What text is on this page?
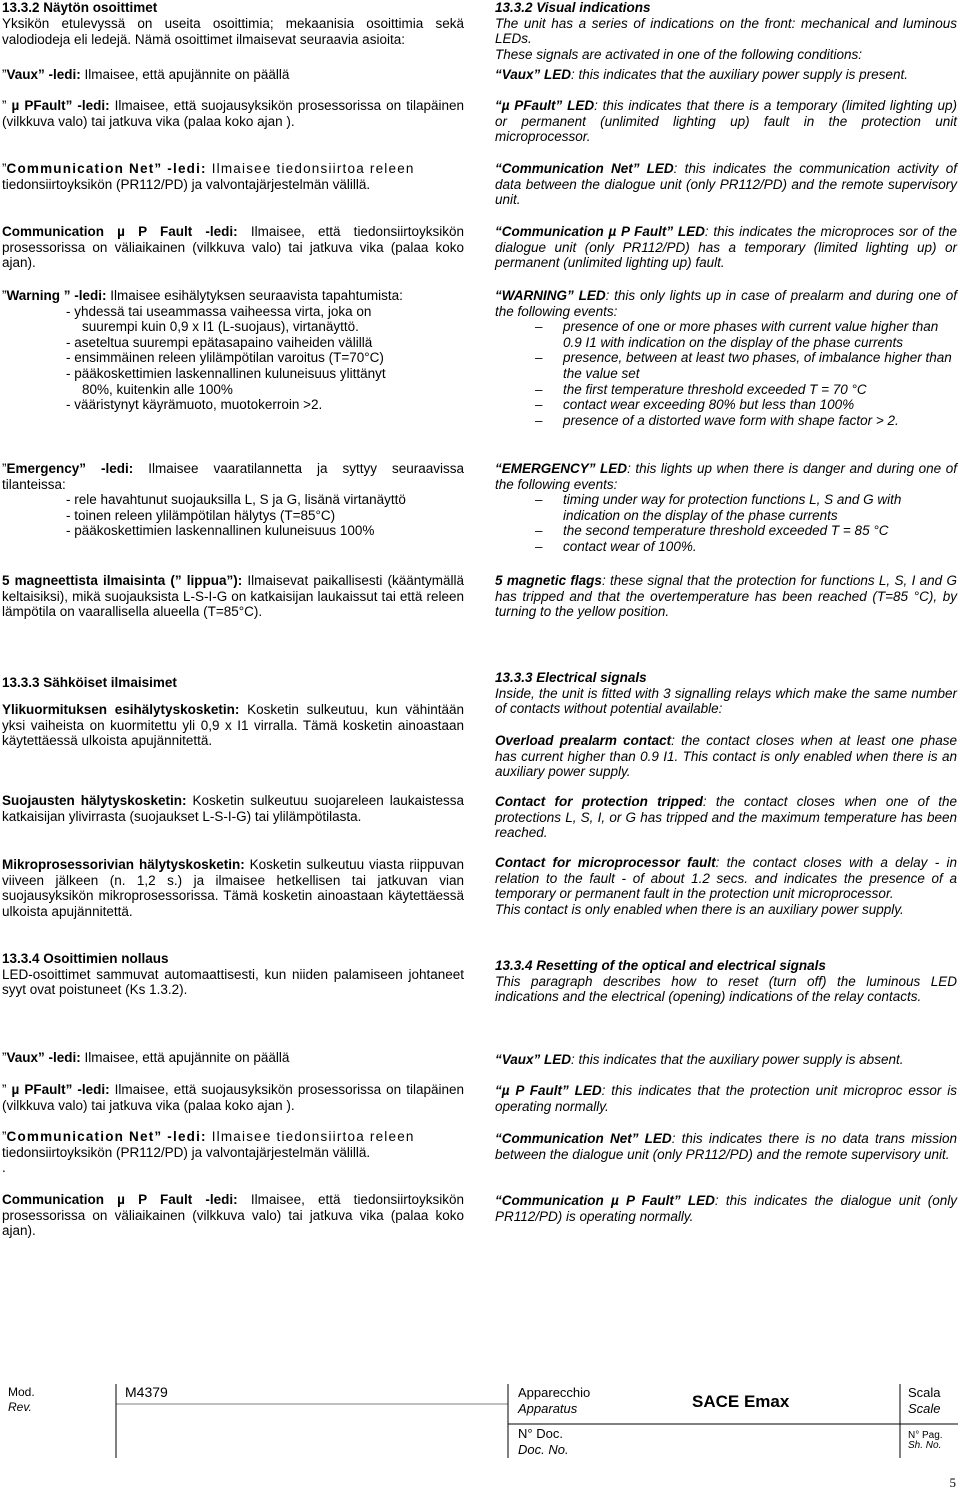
13.3.2 Näytön osoittimet

Yksikön etulevyssä on useita osoittimia; mekaanisia osoittimia sekä valodiodeja eli ledejä. Nämä osoittimet ilmaisevat seuraavia asioita:

”Vaux” -ledi: Ilmaisee, että apujännite on päällä

” µ PFault” -ledi: Ilmaisee, että suojausyksikön prosessorissa on tilapäinen (vilkkuva valo) tai jatkuva vika (palaa koko ajan ).

”Communication Net” -ledi: Ilmaisee tiedonsiirtoa releen

tiedonsiirtoyksikön (PR112/PD) ja valvontajärjestelmän välillä.

Communication µ P Fault -ledi: Ilmaisee, että tiedonsiirtoyksikön prosessorissa on väliaikainen (vilkkuva valo) tai jatkuva vika (palaa koko ajan).

”Warning ” -ledi: Ilmaisee esihälytyksen seuraavista tapahtumista:

- yhdessä tai useammassa vaiheessa virta, joka on

suurempi kuin 0,9 x I1 (L-suojaus), virtanäyttö.

- aseteltua suurempi epätasapaino vaiheiden välillä

- ensimmäinen releen ylilämpötilan varoitus (T=70°C)

- pääkoskettimien laskennallinen kuluneisuus ylittänyt

80%, kuitenkin alle 100%

- vääristynyt käyrämuoto, muotokerroin >2.

”Emergency” -ledi: Ilmaisee vaaratilannetta ja syttyy seuraavissa tilanteissa:

- rele havahtunut suojauksilla L, S ja G, lisänä virtanäyttö

- toinen releen ylilämpötilan hälytys (T=85°C)

- pääkoskettimien laskennallinen kuluneisuus 100%

5 magneettista ilmaisinta (” lippua”): Ilmaisevat paikallisesti (kääntymällä keltaisiksi), mikä suojauksista L-S-I-G on katkaisijan laukaissut tai että releen lämpötila on vaarallisella alueella (T=85°C).

13.3.3 Sähköiset ilmaisimet

Ylikuormituksen esihälytyskosketin: Kosketin sulkeutuu, kun vähintään yksi vaiheista on kuormitettu yli 0,9 x I1 virralla. Tämä kosketin ainoastaan käytettäessä ulkoista apujännitettä.

Suojausten hälytyskosketin: Kosketin sulkeutuu suojareleen laukaistessa katkaisijan ylivirrasta (suojaukset L-S-I-G) tai ylilämpötilasta.

Mikroprosessorivian hälytyskosketin: Kosketin sulkeutuu viasta riippuvan viiveen jälkeen (n. 1,2 s.) ja ilmaisee hetkellisen tai jatkuvan vian suojausyksikön mikroprosessorissa. Tämä kosketin ainoastaan käytettäessä ulkoista apujännitettä.

13.3.4 Osoittimien nollaus

LED-osoittimet sammuvat automaattisesti, kun niiden palamiseen johtaneet syyt ovat poistuneet (Ks 1.3.2).

”Vaux” -ledi: Ilmaisee, että apujännite on päällä

” µ PFault” -ledi: Ilmaisee, että suojausyksikön prosessorissa on tilapäinen (vilkkuva valo) tai jatkuva vika (palaa koko ajan ).

”Communication Net” -ledi: Ilmaisee tiedonsiirtoa releen

tiedonsiirtoyksikön (PR112/PD) ja valvontajärjestelmän välillä.

.

Communication µ P Fault -ledi: Ilmaisee, että tiedonsiirtoyksikön prosessorissa on väliaikainen (vilkkuva valo) tai jatkuva vika (palaa koko ajan).

13.3.2 Visual indications

The unit has a series of indications on the front: mechanical and luminous LEDs.

These signals are activated in one of the following conditions:

“Vaux” LED: this indicates that the auxiliary power supply is present.

“µ PFault” LED: this indicates that there is a temporary (limited lighting up) or permanent (unlimited lighting up) fault in the protection unit microprocessor.

“Communication Net” LED: this indicates the communication activity of data between the dialogue unit (only PR112/PD) and the remote supervisory unit.

“Communication µ P Fault” LED: this indicates the microproces sor of the dialogue unit (only PR112/PD) has a temporary (limited lighting up) or permanent (unlimited lighting up) fault.

“WARNING” LED: this only lights up in case of prealarm and during one of the following events:

–	presence of one or more phases with current value higher than 0.9 I1 with indication on the display of the phase currents
–	presence, between at least two phases, of imbalance higher than the value set
–	the first temperature threshold exceeded T = 70 °C
–	contact wear exceeding 80% but less than 100%
–	presence of a distorted wave form with shape factor > 2.

“EMERGENCY” LED: this lights up when there is danger and during one of the following events:

–	timing under way for protection functions L, S and G with indication on the display of the phase currents
–	the second temperature threshold exceeded T = 85 °C
–	contact wear of 100%.

5 magnetic flags: these signal that the protection for functions L, S, I and G has tripped and that the overtemperature has been reached (T=85 °C), by turning to the yellow position.

13.3.3 Electrical signals

Inside, the unit is fitted with 3 signalling relays which make the same number of contacts without potential available:

Overload prealarm contact: the contact closes when at least one phase has current higher than 0.9 I1. This contact is only enabled when there is an auxiliary power supply.

Contact for protection tripped: the contact closes when one of the protections L, S, I, or G has tripped and the maximum temperature has been reached.

Contact for microprocessor fault: the contact closes with a delay - in relation to the fault - of about 1.2 secs. and indicates the presence of a temporary or permanent fault in the protection unit microprocessor.

This contact is only enabled when there is an auxiliary power supply.

13.3.4 Resetting of the optical and electrical signals

This paragraph describes how to reset (turn off) the luminous LED indications and the electrical (opening) indications of the relay contacts.

“Vaux” LED: this indicates that the auxiliary power supply is absent.

“µ P Fault” LED: this indicates that the protection unit microproc essor is operating normally.

“Communication Net” LED: this indicates there is no data trans mission between the dialogue unit (only PR112/PD) and the remote supervisory unit.

“Communication µ P Fault” LED: this indicates the dialogue unit (only PR112/PD) is operating normally.

Mod.
Rev.
M4379	Apparecchio
Apparatus	SACE Emax	Scala
Scale
N° Doc.
Doc. No.
N° Pag.
Sh. No.
5
